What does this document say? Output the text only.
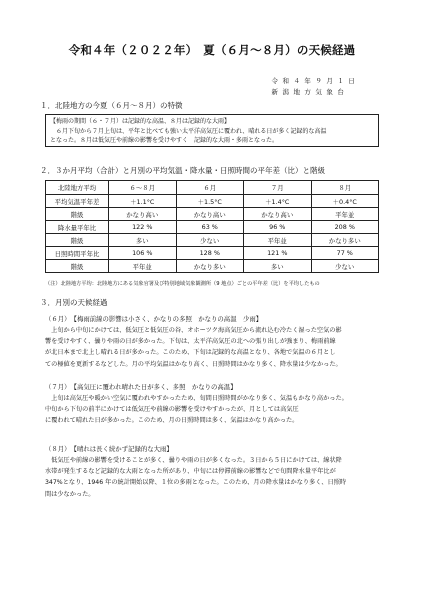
令和４年（２０２２年）　夏（６月～８月）の天候経過
令 和 ４ 年 ９ 月 １ 日
新 潟 地 方 気 象 台
１．北陸地方の今夏（６月～８月）の特徴
【梅雨の期間（６・７月）は記録的な高温、８月は記録的な大雨】
　６月下旬から７月上旬は、平年と比べても強い太平洋高気圧に覆われ、晴れる日が多く記録的な高温
となった。８月は低気圧や前線の影響を受けやすく　記録的な大雨・多雨となった。
２．３か月平均（合計）と月別の平均気温・降水量・日照時間の平年差（比）と階級
北陸地方平均	６～８月	６月	７月	８月
平均気温平年差	＋1.1°C	＋1.5°C	＋1.4°C	＋0.4°C
階級	かなり高い	かなり高い	かなり高い	平年並
降水量平年比	122 %	63 %	96 %	208 %
階級	多い	少ない	平年並	かなり多い
日照時間平年比	106 %	128 %	121 %	77 %
階級	平年並	かなり多い	多い	少ない
（注）北陸地方平均：北陸地方にある気象官署及び特別地域気象観測所（9 地点）ごとの平年差（比）を平均したもの
３．月別の天候経過
（６月）　【梅雨前線の影響は小さく、かなりの多照　かなりの高温　少雨】
　上旬から中旬にかけては、低気圧と低気圧の谷、オホーツク海高気圧から流れ込む冷たく湿った空気の影
響を受けやすく、曇りや雨の日が多かった。下旬は、太平洋高気圧の北への張り出しが強まり、梅雨前線
が北日本まで北上し晴れる日が多かった。このため、下旬は記録的な高温となり、各地で気温の６月とし
ての極値を更新するなどした。月の平均気温はかなり高く、日照時間はかなり多く、降水量は少なかった。
（７月）　【高気圧に覆われ晴れた日が多く、多照　かなりの高温】
　上旬は高気圧や暖かい空気に覆われやすかったため、旬間日照時間がかなり多く、気温もかなり高かった。
中旬から下旬の前半にかけては低気圧や前線の影響を受けやすかったが、月としては高気圧
に覆われて晴れた日が多かった。このため、月の日照時間は多く、気温はかなり高かった。
（８月）　【晴れは長く続かず記録的な大雨】
　低気圧や前線の影響を受けることが多く、曇りや雨の日が多くなった。３日から５日にかけては、線状降
水帯が発生するなど記録的な大雨となった所があり、中旬には停滞前線の影響などで旬間降水量平年比が
347%となり、1946 年の統計開始以降、１位の多雨となった。このため、月の降水量はかなり多く、日照時
間は少なかった。
